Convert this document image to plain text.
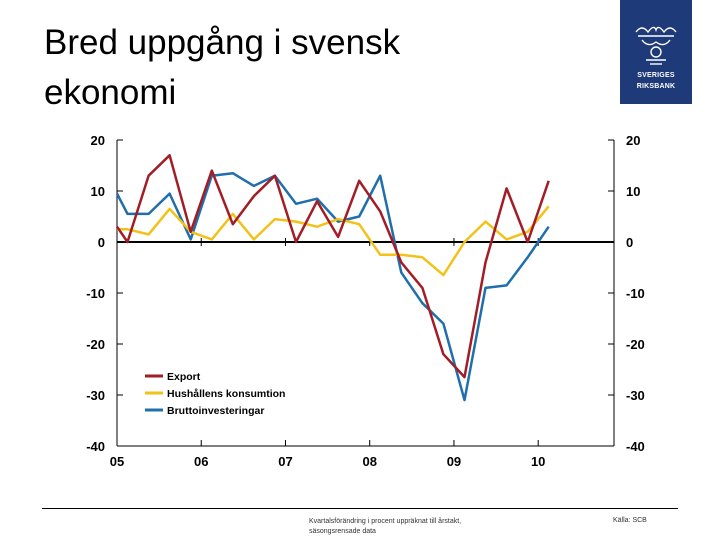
Bred uppgång i svensk
ekonomi	SVERIGES
RIKSBANK
20	20
10	10
0	0
-10	-10
-20	-20
-30	-30
-40	-40
05	06	07	08	09	10
Export
Hushållens konsumtion
Bruttoinvesteringar
Kvartalsförändring i procent uppräknat till årstakt,
säsongsrensade data
Källa: SCB
